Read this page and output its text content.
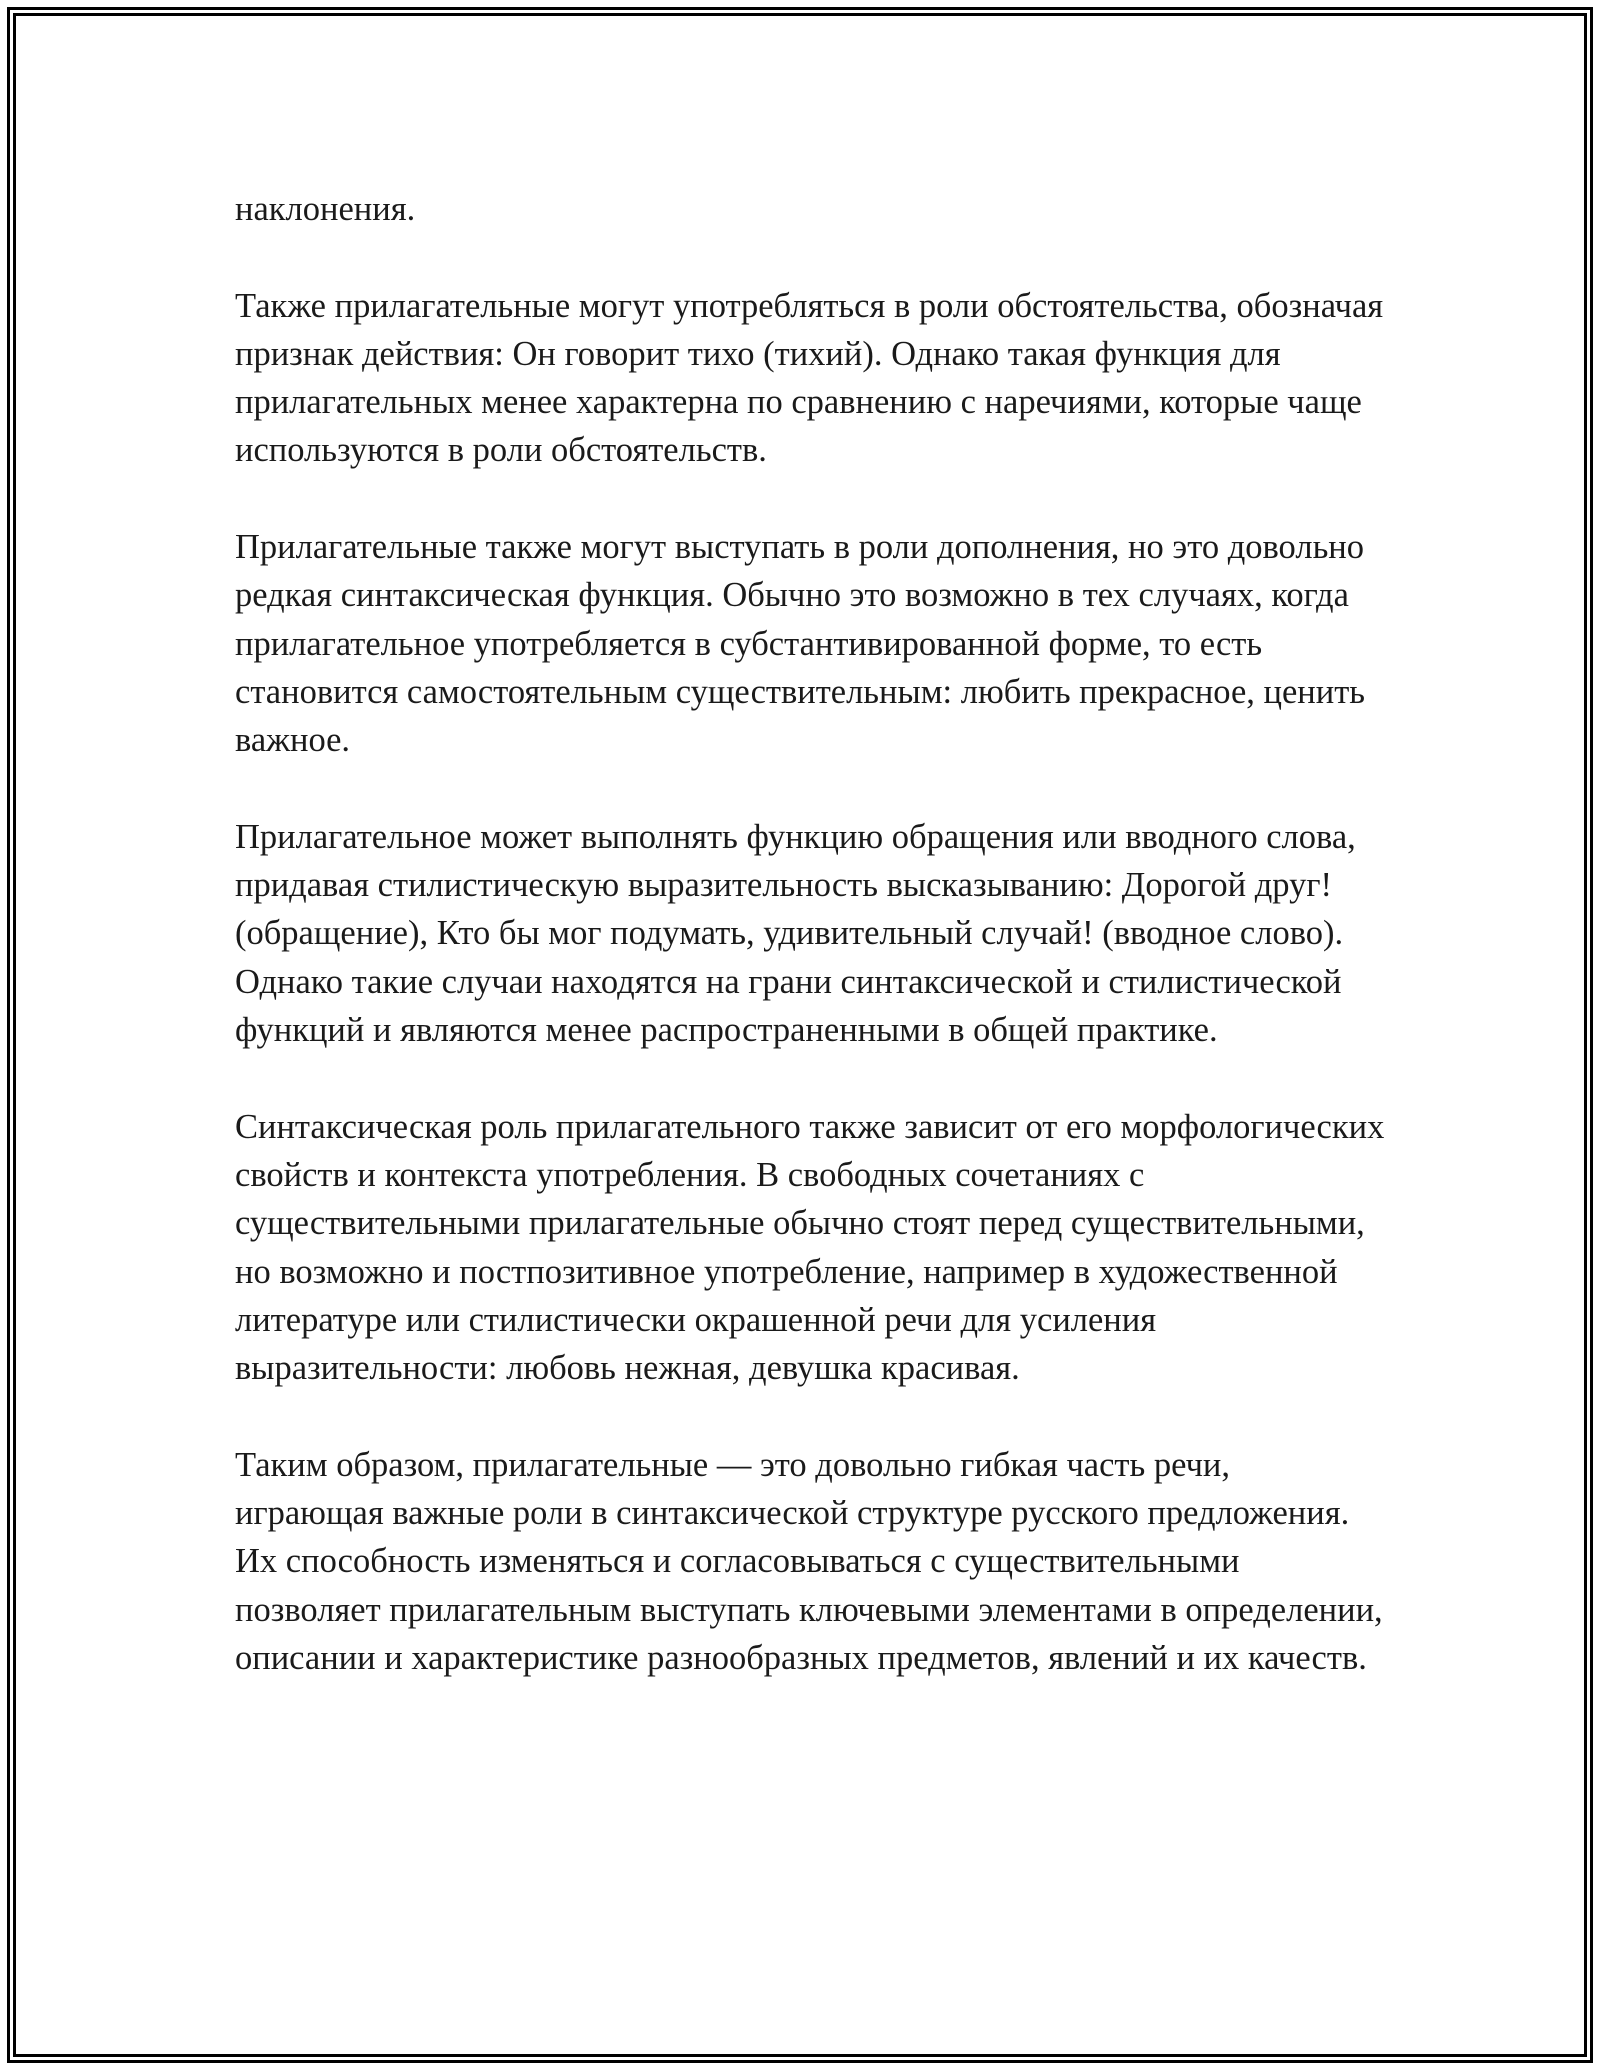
наклонения.

Также прилагательные могут употребляться в роли обстоятельства, обозначая признак действия: Он говорит тихо (тихий). Однако такая функция для прилагательных менее характерна по сравнению с наречиями, которые чаще используются в роли обстоятельств.

Прилагательные также могут выступать в роли дополнения, но это довольно редкая синтаксическая функция. Обычно это возможно в тех случаях, когда прилагательное употребляется в субстантивированной форме, то есть становится самостоятельным существительным: любить прекрасное, ценить важное.

Прилагательное может выполнять функцию обращения или вводного слова, придавая стилистическую выразительность высказыванию: Дорогой друг! (обращение), Кто бы мог подумать, удивительный случай! (вводное слово). Однако такие случаи находятся на грани синтаксической и стилистической функций и являются менее распространенными в общей практике.

Синтаксическая роль прилагательного также зависит от его морфологических свойств и контекста употребления. В свободных сочетаниях с существительными прилагательные обычно стоят перед существительными, но возможно и постпозитивное употребление, например в художественной литературе или стилистически окрашенной речи для усиления выразительности: любовь нежная, девушка красивая.

Таким образом, прилагательные — это довольно гибкая часть речи, играющая важные роли в синтаксической структуре русского предложения. Их способность изменяться и согласовываться с существительными позволяет прилагательным выступать ключевыми элементами в определении, описании и характеристике разнообразных предметов, явлений и их качеств.
